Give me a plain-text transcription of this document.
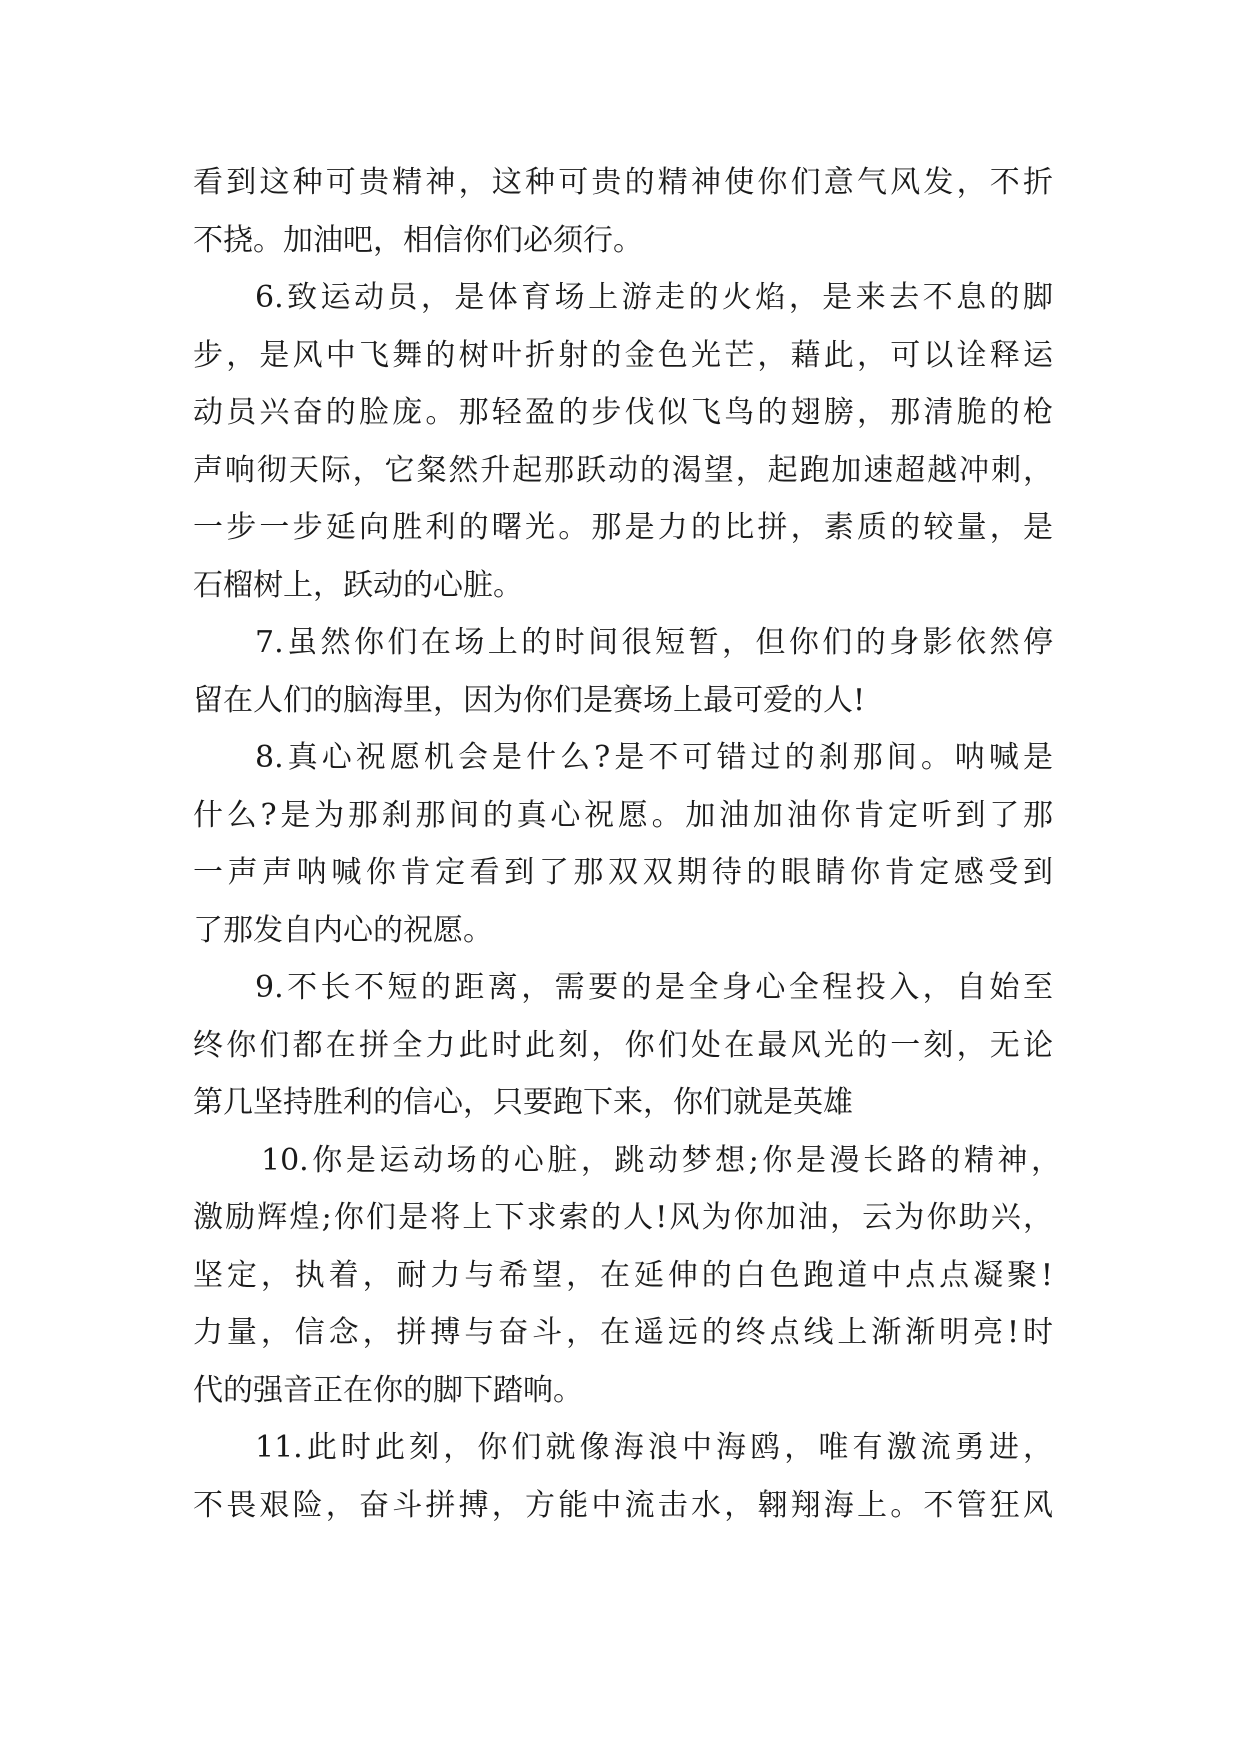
看到这种可贵精神，这种可贵的精神使你们意气风发，不折
不挠。加油吧，相信你们必须行。
6.致运动员，是体育场上游走的火焰，是来去不息的脚
步，是风中飞舞的树叶折射的金色光芒，藉此，可以诠释运
动员兴奋的脸庞。那轻盈的步伐似飞鸟的翅膀，那清脆的枪
声响彻天际，它粲然升起那跃动的渴望，起跑加速超越冲刺，
一步一步延向胜利的曙光。那是力的比拼，素质的较量，是
石榴树上，跃动的心脏。
7.虽然你们在场上的时间很短暂，但你们的身影依然停
留在人们的脑海里，因为你们是赛场上最可爱的人!
8.真心祝愿机会是什么?是不可错过的刹那间。呐喊是
什么?是为那刹那间的真心祝愿。加油加油你肯定听到了那
一声声呐喊你肯定看到了那双双期待的眼睛你肯定感受到
了那发自内心的祝愿。
9.不长不短的距离，需要的是全身心全程投入，自始至
终你们都在拼全力此时此刻，你们处在最风光的一刻，无论
第几坚持胜利的信心，只要跑下来，你们就是英雄
10.你是运动场的心脏，跳动梦想;你是漫长路的精神，
激励辉煌;你们是将上下求索的人!风为你加油，云为你助兴，
坚定，执着，耐力与希望，在延伸的白色跑道中点点凝聚!
力量，信念，拼搏与奋斗，在遥远的终点线上渐渐明亮!时
代的强音正在你的脚下踏响。
11.此时此刻，你们就像海浪中海鸥，唯有激流勇进，
不畏艰险，奋斗拼搏，方能中流击水，翱翔海上。不管狂风
